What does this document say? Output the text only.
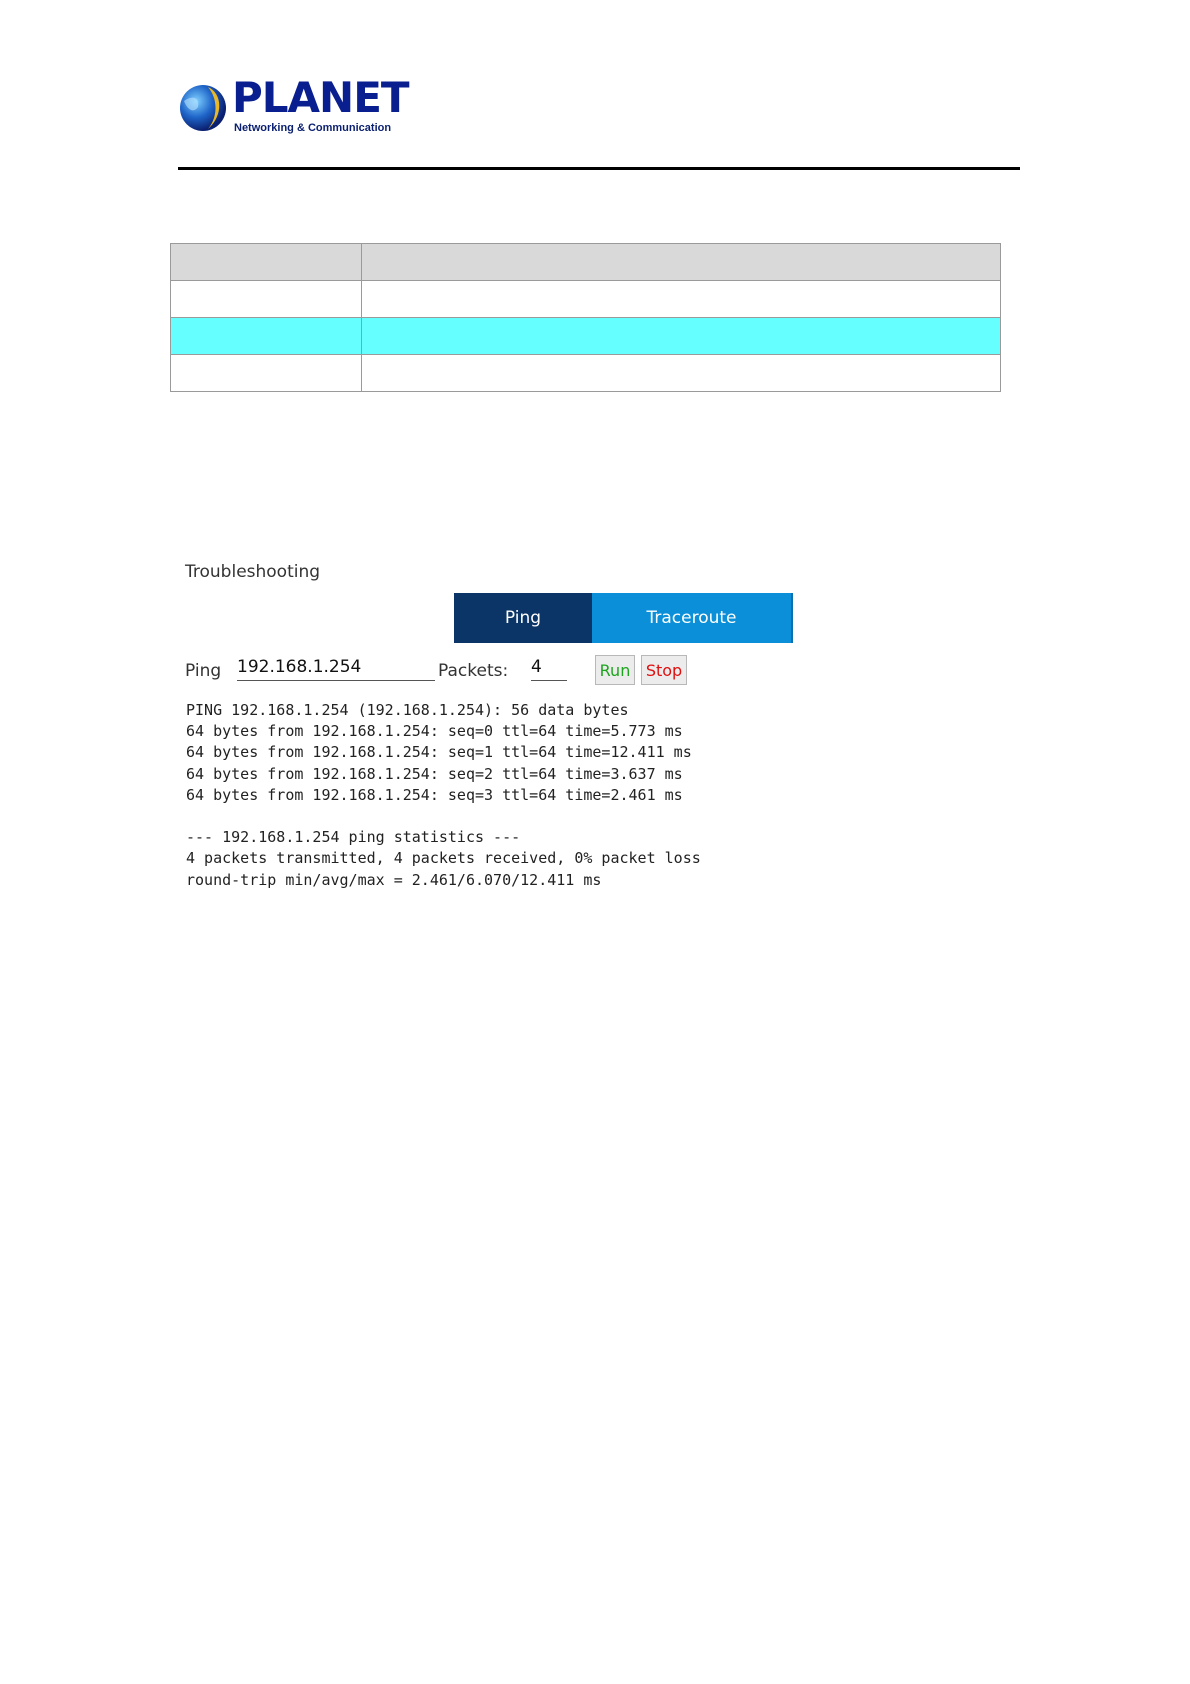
PLANET
Networking & Communication

Troubleshooting
Ping	Traceroute
Ping
192.168.1.254	Packets:
4	Run Stop
PING 192.168.1.254 (192.168.1.254): 56 data bytes
64 bytes from 192.168.1.254: seq=0 ttl=64 time=5.773 ms
64 bytes from 192.168.1.254: seq=1 ttl=64 time=12.411 ms
64 bytes from 192.168.1.254: seq=2 ttl=64 time=3.637 ms
64 bytes from 192.168.1.254: seq=3 ttl=64 time=2.461 ms

--- 192.168.1.254 ping statistics ---
4 packets transmitted, 4 packets received, 0% packet loss
round-trip min/avg/max = 2.461/6.070/12.411 ms
